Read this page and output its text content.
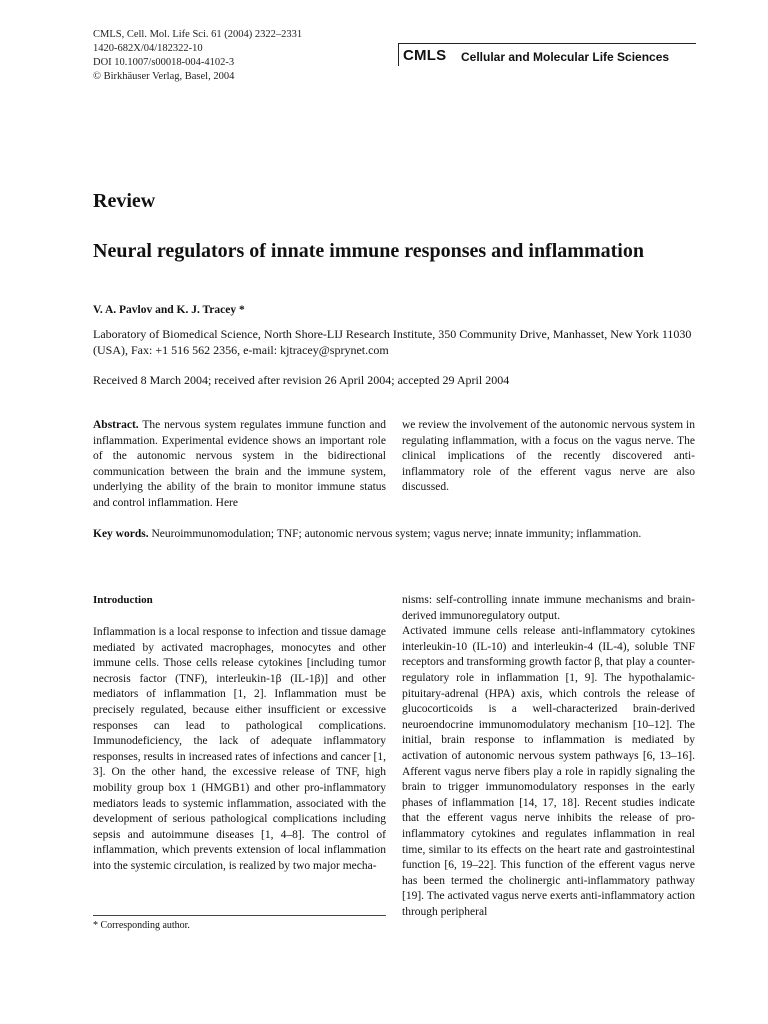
CMLS, Cell. Mol. Life Sci. 61 (2004) 2322–2331
1420-682X/04/182322-10
DOI 10.1007/s00018-004-4102-3
© Birkhäuser Verlag, Basel, 2004
CMLS Cellular and Molecular Life Sciences
Review
Neural regulators of innate immune responses and inflammation
V. A. Pavlov and K. J. Tracey *
Laboratory of Biomedical Science, North Shore-LIJ Research Institute, 350 Community Drive, Manhasset, New York 11030 (USA), Fax: +1 516 562 2356, e-mail: kjtracey@sprynet.com
Received 8 March 2004; received after revision 26 April 2004; accepted 29 April 2004

Abstract. The nervous system regulates immune function and inflammation. Experimental evidence shows an important role of the autonomic nervous system in the bidirectional communication between the brain and the immune system, underlying the ability of the brain to monitor immune status and control inflammation. Here

we review the involvement of the autonomic nervous system in regulating inflammation, with a focus on the vagus nerve. The clinical implications of the recently discovered anti-inflammatory role of the efferent vagus nerve are also discussed.

Key words. Neuroimmunomodulation; TNF; autonomic nervous system; vagus nerve; innate immunity; inflammation.
Introduction

Inflammation is a local response to infection and tissue damage mediated by activated macrophages, monocytes and other immune cells. Those cells release cytokines [including tumor necrosis factor (TNF), interleukin-1β (IL-1β)] and other mediators of inflammation [1, 2]. Inflammation must be precisely regulated, because either insufficient or excessive responses can lead to pathological complications. Immunodeficiency, the lack of adequate inflammatory responses, results in increased rates of infections and cancer [1, 3]. On the other hand, the excessive release of TNF, high mobility group box 1 (HMGB1) and other pro-inflammatory mediators leads to systemic inflammation, associated with the development of serious pathological complications including sepsis and autoimmune diseases [1, 4–8]. The control of inflammation, which prevents extension of local inflammation into the systemic circulation, is realized by two major mecha-

nisms: self-controlling innate immune mechanisms and brain-derived immunoregulatory output.

Activated immune cells release anti-inflammatory cytokines interleukin-10 (IL-10) and interleukin-4 (IL-4), soluble TNF receptors and transforming growth factor β, that play a counter-regulatory role in inflammation [1, 9]. The hypothalamic-pituitary-adrenal (HPA) axis, which controls the release of glucocorticoids is a well-characterized brain-derived neuroendocrine immunomodulatory mechanism [10–12]. The initial, brain response to inflammation is mediated by activation of autonomic nervous system pathways [6, 13–16]. Afferent vagus nerve fibers play a role in rapidly signaling the brain to trigger immunomodulatory responses in the early phases of inflammation [14, 17, 18]. Recent studies indicate that the efferent vagus nerve inhibits the release of pro-inflammatory cytokines and regulates inflammation in real time, similar to its effects on the heart rate and gastrointestinal function [6, 19–22]. This function of the efferent vagus nerve has been termed the cholinergic anti-inflammatory pathway [19]. The activated vagus nerve exerts anti-inflammatory action through peripheral

* Corresponding author.
